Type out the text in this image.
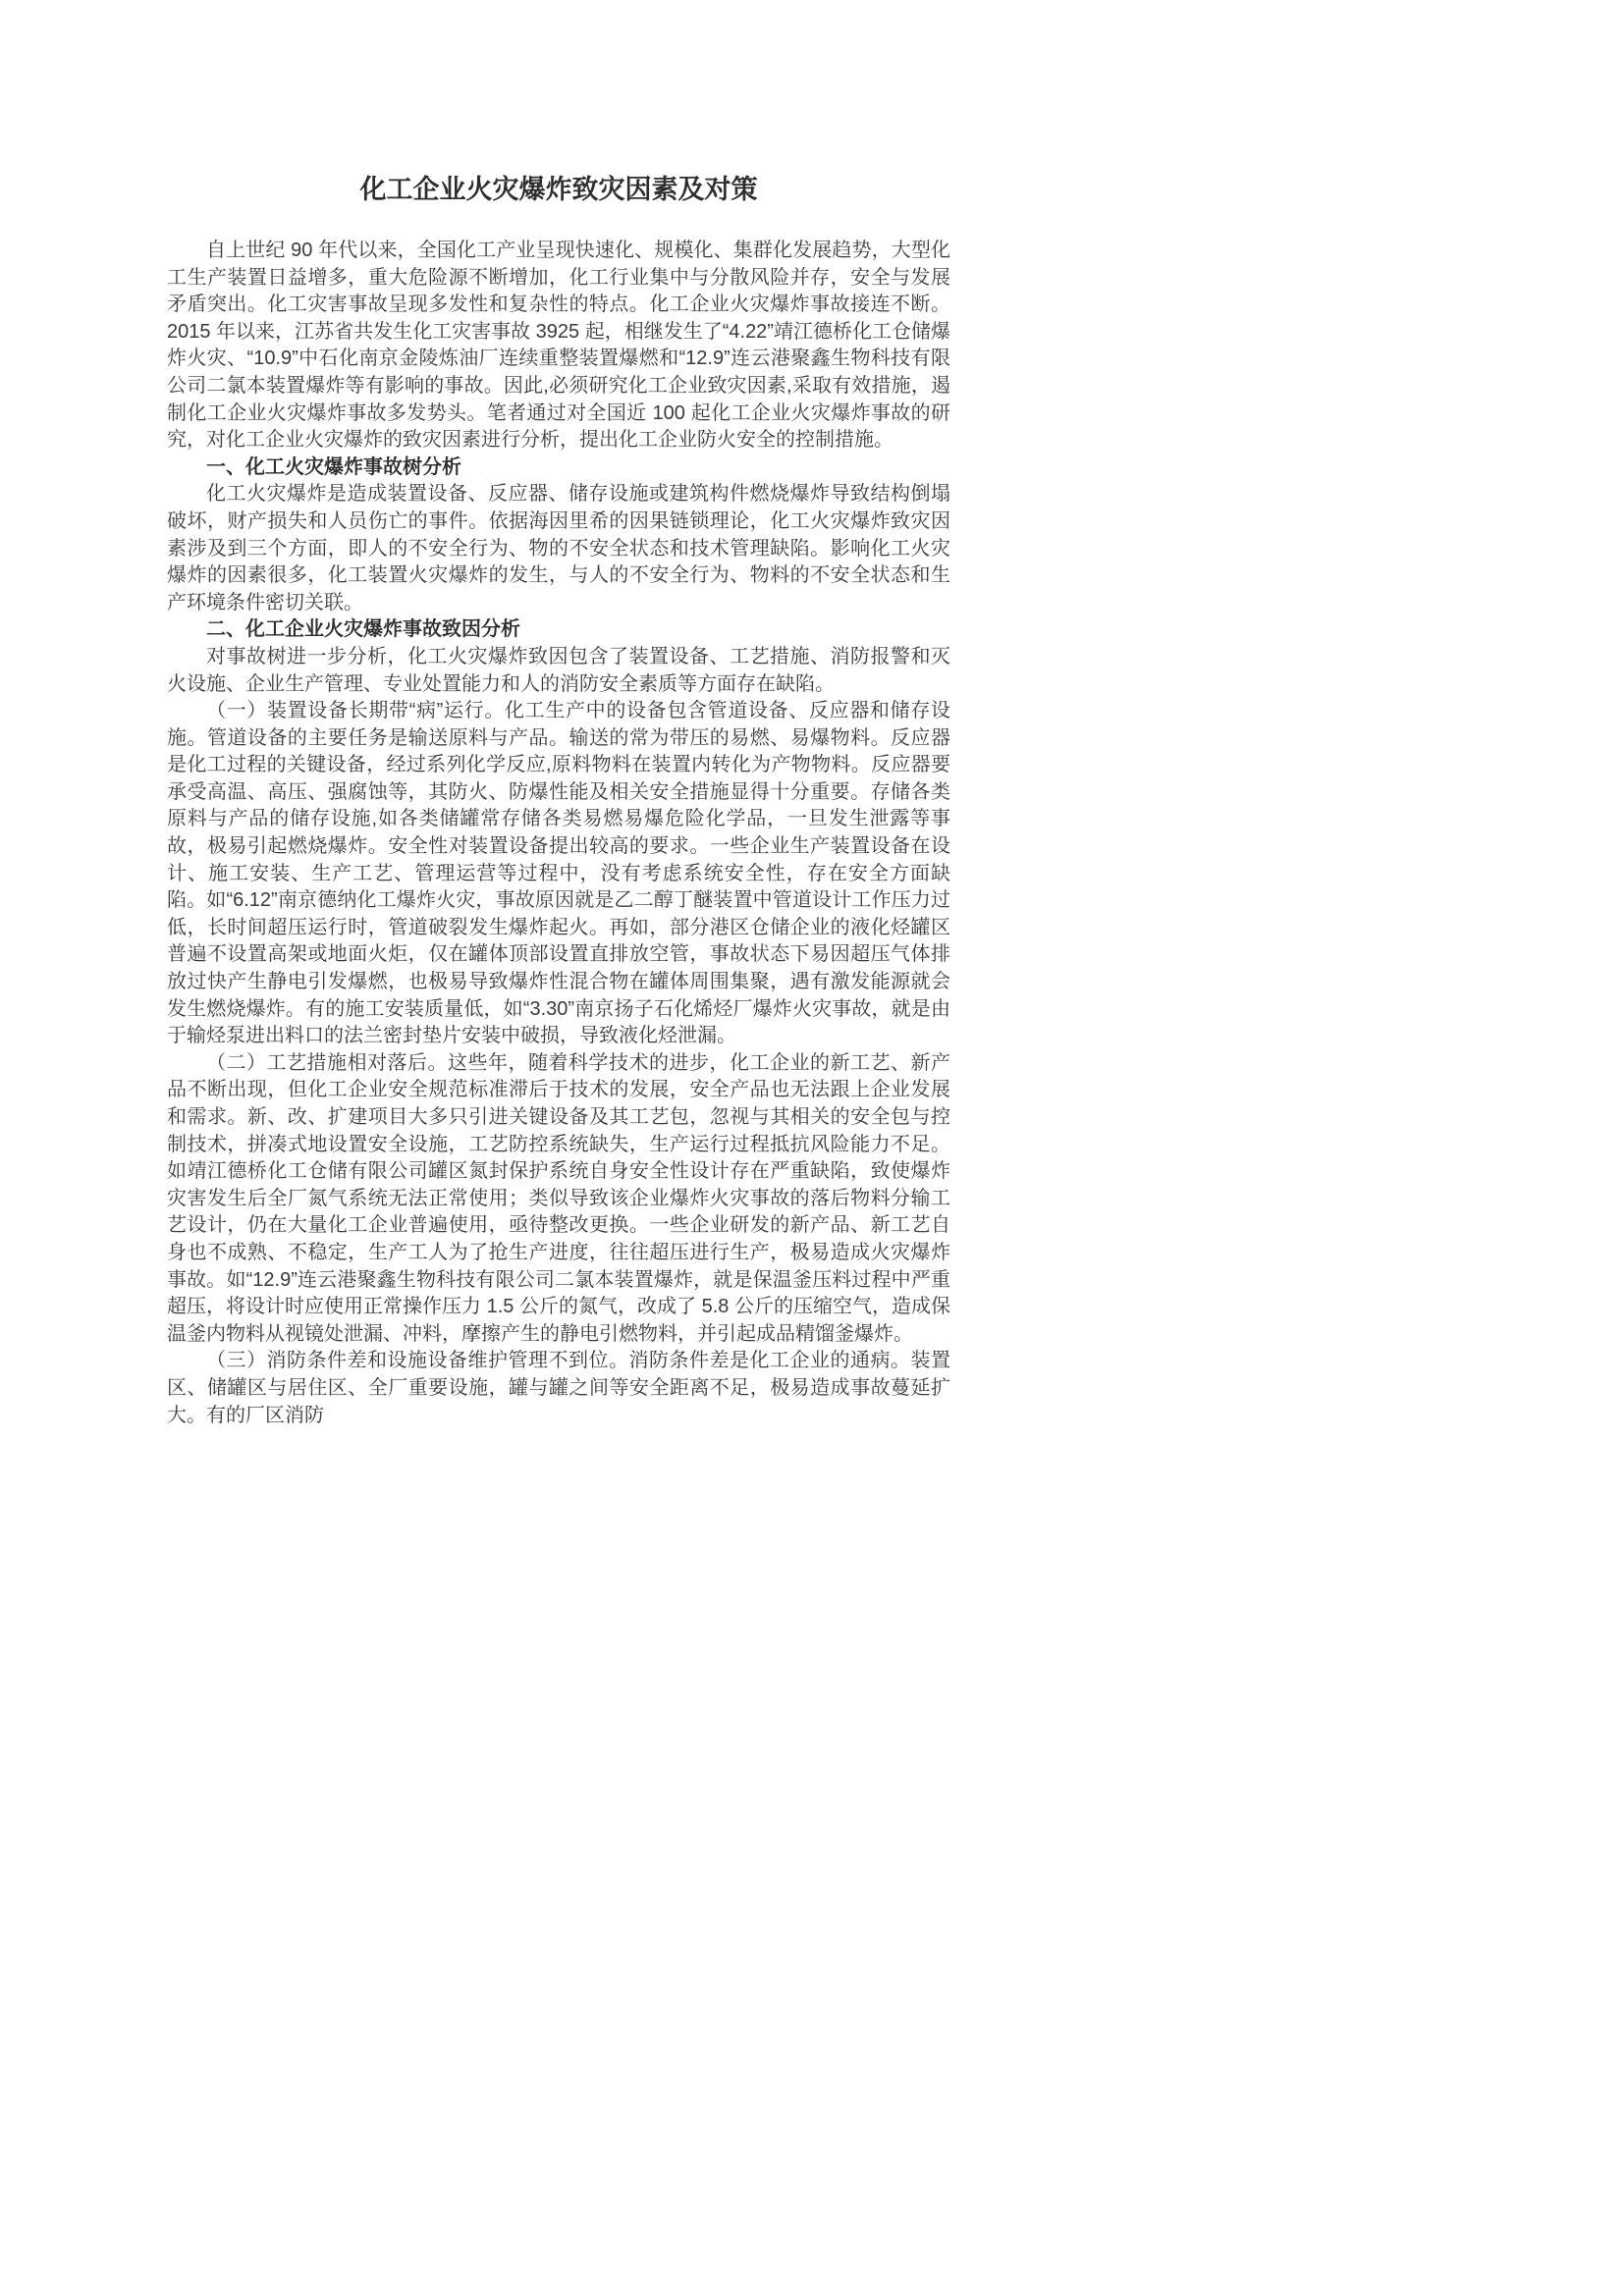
化工企业火灾爆炸致灾因素及对策

自上世纪 90 年代以来，全国化工产业呈现快速化、规模化、集群化发展趋势，大型化工生产装置日益增多，重大危险源不断增加，化工行业集中与分散风险并存，安全与发展矛盾突出。化工灾害事故呈现多发性和复杂性的特点。化工企业火灾爆炸事故接连不断。2015 年以来，江苏省共发生化工灾害事故 3925 起，相继发生了“4.22”靖江德桥化工仓储爆炸火灾、“10.9”中石化南京金陵炼油厂连续重整装置爆燃和“12.9”连云港聚鑫生物科技有限公司二氯本装置爆炸等有影响的事故。因此,必须研究化工企业致灾因素,采取有效措施，遏制化工企业火灾爆炸事故多发势头。笔者通过对全国近 100 起化工企业火灾爆炸事故的研究，对化工企业火灾爆炸的致灾因素进行分析，提出化工企业防火安全的控制措施。

一、化工火灾爆炸事故树分析

化工火灾爆炸是造成装置设备、反应器、储存设施或建筑构件燃烧爆炸导致结构倒塌破坏，财产损失和人员伤亡的事件。依据海因里希的因果链锁理论，化工火灾爆炸致灾因素涉及到三个方面，即人的不安全行为、物的不安全状态和技术管理缺陷。影响化工火灾爆炸的因素很多，化工装置火灾爆炸的发生，与人的不安全行为、物料的不安全状态和生产环境条件密切关联。

二、化工企业火灾爆炸事故致因分析

对事故树进一步分析，化工火灾爆炸致因包含了装置设备、工艺措施、消防报警和灭火设施、企业生产管理、专业处置能力和人的消防安全素质等方面存在缺陷。

（一）装置设备长期带“病”运行。化工生产中的设备包含管道设备、反应器和储存设施。管道设备的主要任务是输送原料与产品。输送的常为带压的易燃、易爆物料。反应器是化工过程的关键设备，经过系列化学反应,原料物料在装置内转化为产物物料。反应器要承受高温、高压、强腐蚀等，其防火、防爆性能及相关安全措施显得十分重要。存储各类原料与产品的储存设施,如各类储罐常存储各类易燃易爆危险化学品，一旦发生泄露等事故，极易引起燃烧爆炸。安全性对装置设备提出较高的要求。一些企业生产装置设备在设计、施工安装、生产工艺、管理运营等过程中，没有考虑系统安全性，存在安全方面缺陷。如“6.12”南京德纳化工爆炸火灾，事故原因就是乙二醇丁醚装置中管道设计工作压力过低，长时间超压运行时，管道破裂发生爆炸起火。再如，部分港区仓储企业的液化烃罐区普遍不设置高架或地面火炬，仅在罐体顶部设置直排放空管，事故状态下易因超压气体排放过快产生静电引发爆燃，也极易导致爆炸性混合物在罐体周围集聚，遇有激发能源就会发生燃烧爆炸。有的施工安装质量低，如“3.30”南京扬子石化烯烃厂爆炸火灾事故，就是由于输烃泵进出料口的法兰密封垫片安装中破损，导致液化烃泄漏。

（二）工艺措施相对落后。这些年，随着科学技术的进步，化工企业的新工艺、新产品不断出现，但化工企业安全规范标准滞后于技术的发展，安全产品也无法跟上企业发展和需求。新、改、扩建项目大多只引进关键设备及其工艺包，忽视与其相关的安全包与控制技术，拼凑式地设置安全设施，工艺防控系统缺失，生产运行过程抵抗风险能力不足。如靖江德桥化工仓储有限公司罐区氮封保护系统自身安全性设计存在严重缺陷，致使爆炸灾害发生后全厂氮气系统无法正常使用；类似导致该企业爆炸火灾事故的落后物料分输工艺设计，仍在大量化工企业普遍使用，亟待整改更换。一些企业研发的新产品、新工艺自身也不成熟、不稳定，生产工人为了抢生产进度，往往超压进行生产，极易造成火灾爆炸事故。如“12.9”连云港聚鑫生物科技有限公司二氯本装置爆炸，就是保温釜压料过程中严重超压，将设计时应使用正常操作压力 1.5 公斤的氮气，改成了 5.8 公斤的压缩空气，造成保温釜内物料从视镜处泄漏、冲料，摩擦产生的静电引燃物料，并引起成品精馏釜爆炸。

（三）消防条件差和设施设备维护管理不到位。消防条件差是化工企业的通病。装置区、储罐区与居住区、全厂重要设施，罐与罐之间等安全距离不足，极易造成事故蔓延扩大。有的厂区消防
